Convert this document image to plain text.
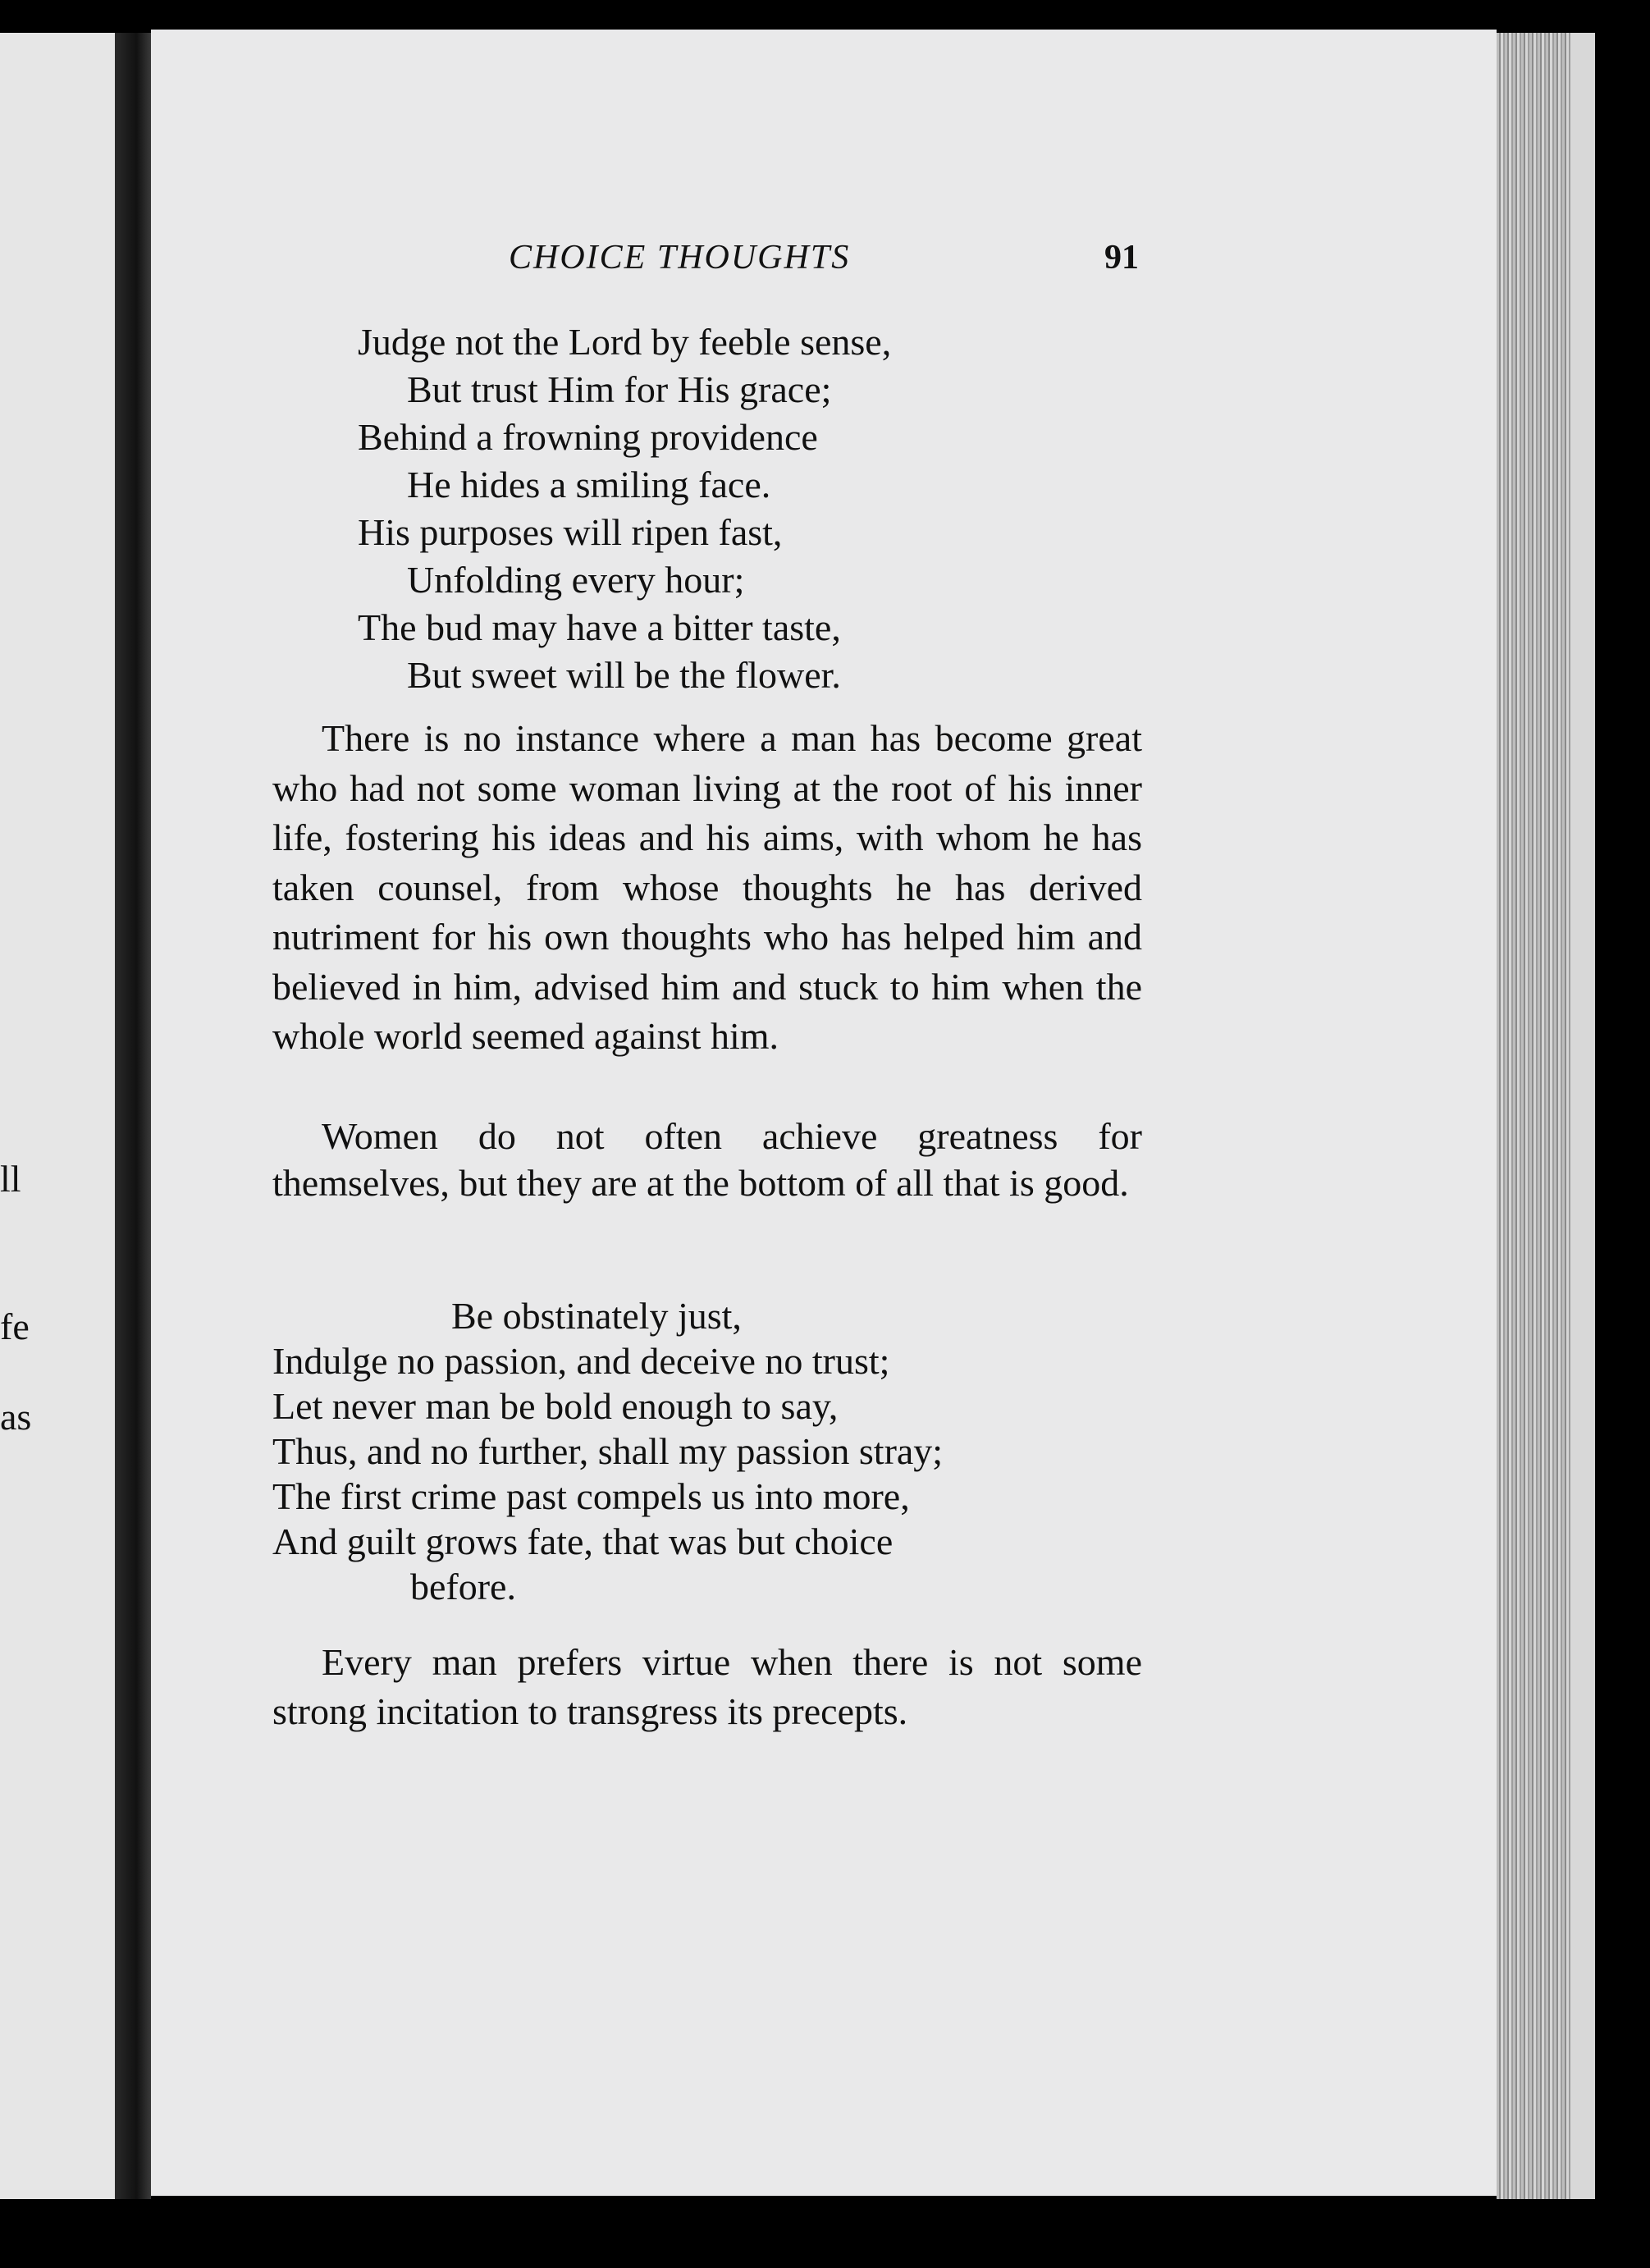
ll
fe
as
CHOICE THOUGHTS	91
Judge not the Lord by feeble sense,
But trust Him for His grace;
Behind a frowning providence
He hides a smiling face.
His purposes will ripen fast,
Unfolding every hour;
The bud may have a bitter taste,
But sweet will be the flower.
There is no instance where a man has become great who had not some woman living at the root of his inner life, fostering his ideas and his aims, with whom he has taken counsel, from whose thoughts he has derived nutriment for his own thoughts who has helped him and believed in him, advised him and stuck to him when the whole world seemed against him.
Women do not often achieve greatness for themselves, but they are at the bottom of all that is good.
Be obstinately just,
Indulge no passion, and deceive no trust;
Let never man be bold enough to say,
Thus, and no further, shall my passion stray;
The first crime past compels us into more,
And guilt grows fate, that was but choice
before.
Every man prefers virtue when there is not some strong incitation to transgress its precepts.
